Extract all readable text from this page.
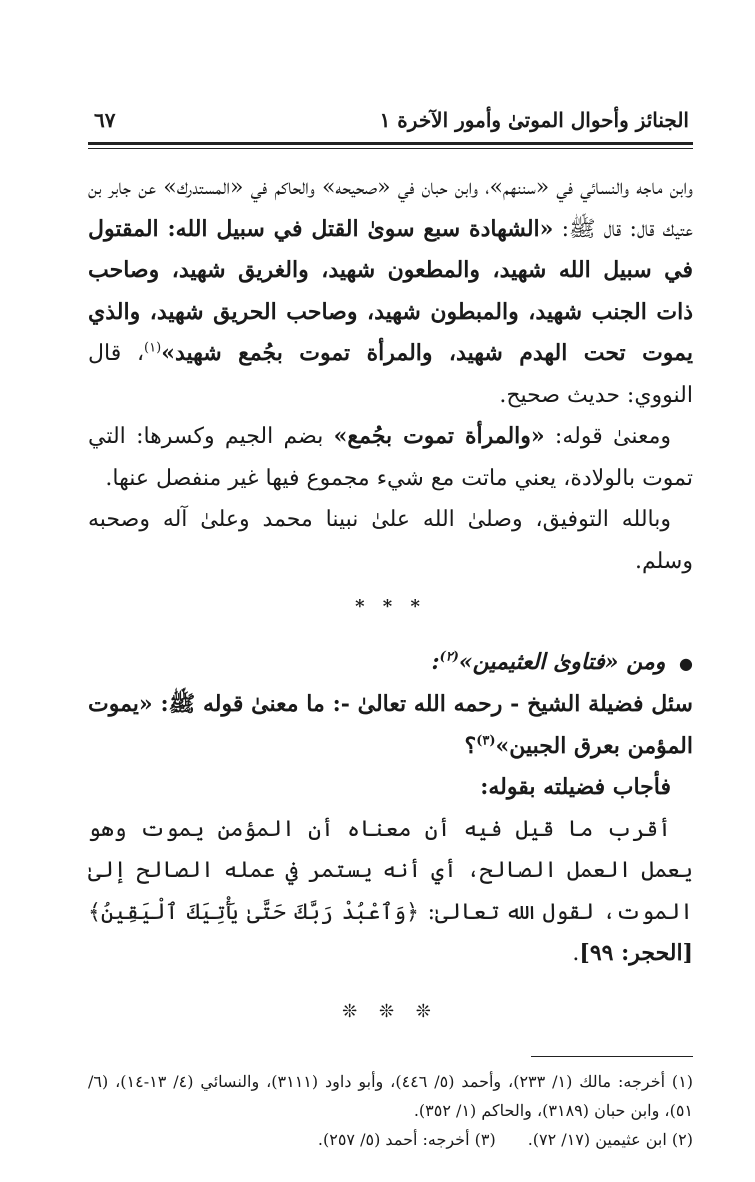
الجنائز وأحوال الموتىٰ وأمور الآخرة ١
٦٧

وابن ماجه والنسائي في «سننهم»، وابن حبان في «صحيحه» والحاكم في «المستدرك» عن جابر بن عتيك قال: قال ﷺ: «الشهادة سبع سوىٰ القتل في سبيل الله: المقتول في سبيل الله شهيد، والمطعون شهيد، والغريق شهيد، وصاحب ذات الجنب شهيد، والمبطون شهيد، وصاحب الحريق شهيد، والذي يموت تحت الهدم شهيد، والمرأة تموت بجُمع شهيد»$^{(١)}$، قال النووي: حديث صحيح.

ومعنىٰ قوله: «والمرأة تموت بجُمع» بضم الجيم وكسرها: التي تموت بالولادة، يعني ماتت مع شيء مجموع فيها غير منفصل عنها.

وبالله التوفيق، وصلىٰ الله علىٰ نبينا محمد وعلىٰ آله وصحبه وسلم.

* * *

● ومن «فتاوىٰ العثيمين»$^{(٢)}$:

سئل فضيلة الشيخ - رحمه الله تعالىٰ -: ما معنىٰ قوله ﷺ: «يموت المؤمن بعرق الجبين»$^{(٣)}$؟

فأجاب فضيلته بقوله:

أقرب ما قيل فيه أن معناه أن المؤمن يموت وهو يعمل العمل الصالح، أي أنه يستمر في عمله الصالح إلىٰ الموت، لقول الله تعالىٰ: ﴿وَٱعْبُدْ رَبَّكَ حَتَّىٰ يَأْتِيَكَ ٱلْيَقِينُ﴾ [الحجر: ٩٩].

❊ ❊ ❊

(١) أخرجه: مالك (١/ ٢٣٣)، وأحمد (٥/ ٤٤٦)، وأبو داود (٣١١١)، والنسائي (٤/ ١٣-١٤)، (٦/ ٥١)، وابن حبان (٣١٨٩)، والحاكم (١/ ٣٥٢).

(٢) ابن عثيمين (١٧/ ٧٢).
(٣) أخرجه: أحمد (٥/ ٢٥٧).
